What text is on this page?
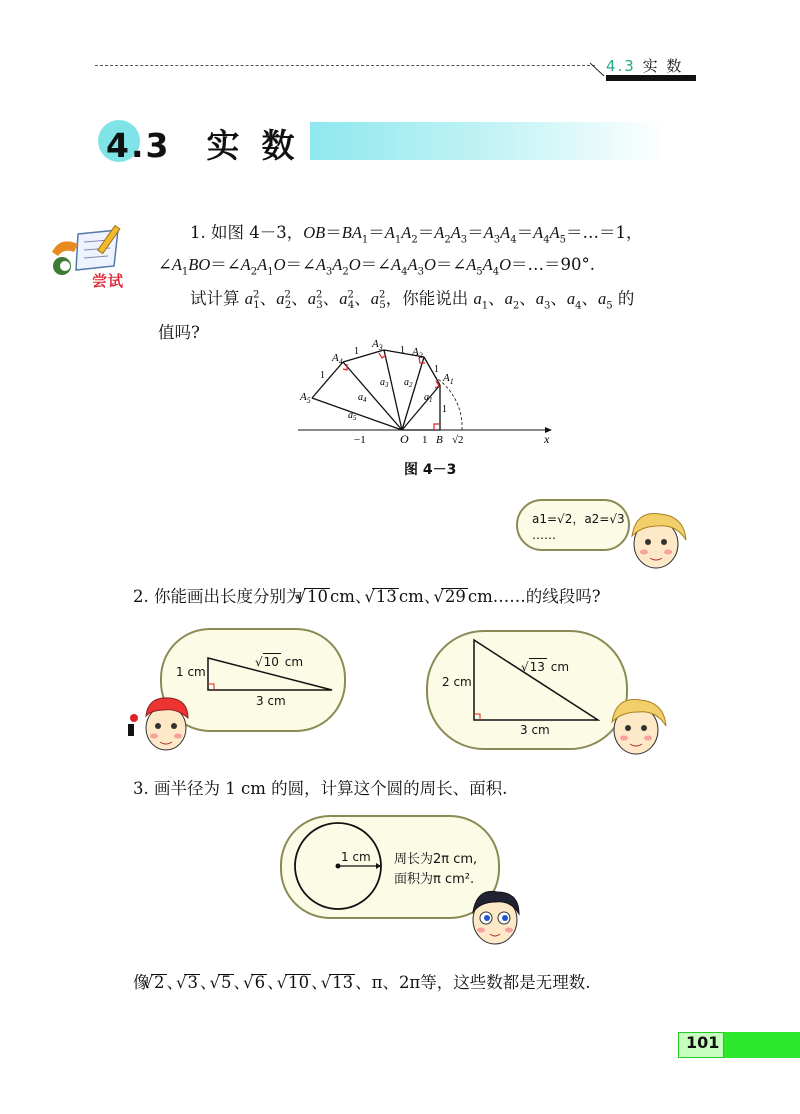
4.3 实 数
4.3 实数
尝试
1. 如图 4－3，$OB=BA_1=A_1A_2=A_2A_3=A_3A_4=A_4A_5=\dots=1$，
$\angle A_1BO=\angle A_2A_1O=\angle A_3A_2O=\angle A_4A_3O=\angle A_5A_4O=\dots=90^\circ$.
试计算 $a^2_1$、$a^2_2$、$a^2_3$、$a^2_4$、$a^2_5$，你能说出 $a_1$、$a_2$、$a_3$、$a_4$、$a_5$ 的
值吗?
$A_1$
$A_2$
$A_3$
$A_4$
$A_5$	$a_1$
$a_2$
$a_3$
$a_4$
$a_5$
1
1
1
1
1
O
−1	1 B √2	x
图 4－3
a1=√2，a2=√3
……
2. 你能画出长度分别为 √ 10 cm、 √ 13 cm、 √ 29 cm……的线段吗?
1 cm
3 cm
√ 10 cm
2 cm
3 cm
√ 13 cm
3. 画半径为 1 cm 的圆，计算这个圆的周长、面积.
1 cm 周长为2π cm,
面积为π cm².
像 √ 2 、 √ 3 、 √ 5 、 √ 6 、 √ 10 、 √ 13 、π、2π等，这些数都是无理数.
101
